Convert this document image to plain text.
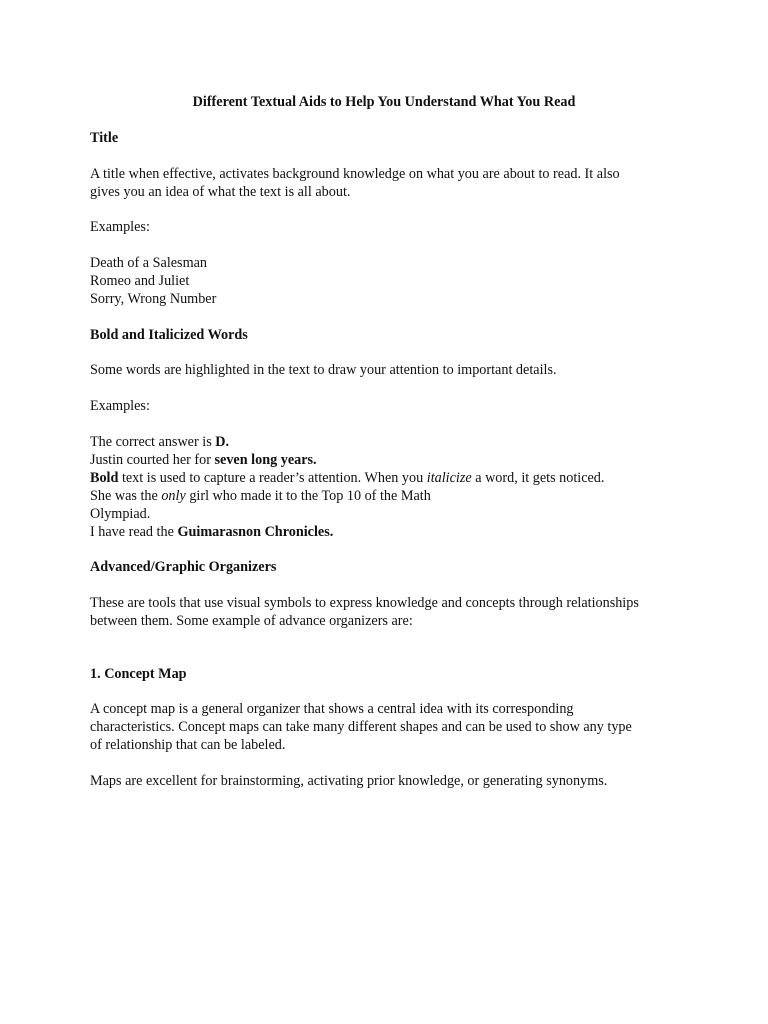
Different Textual Aids to Help You Understand What You Read

Title

A title when effective, activates background knowledge on what you are about to read. It also

gives you an idea of what the text is all about.

Examples:

Death of a Salesman

Romeo and Juliet

Sorry, Wrong Number

Bold and Italicized Words

Some words are highlighted in the text to draw your attention to important details.

Examples:

The correct answer is D.

Justin courted her for seven long years.

Bold text is used to capture a reader’s attention. When you italicize a word, it gets noticed.

She was the only girl who made it to the Top 10 of the Math

Olympiad.

I have read the Guimarasnon Chronicles.

Advanced/Graphic Organizers

These are tools that use visual symbols to express knowledge and concepts through relationships

between them. Some example of advance organizers are:

1. Concept Map

A concept map is a general organizer that shows a central idea with its corresponding

characteristics. Concept maps can take many different shapes and can be used to show any type

of relationship that can be labeled.

Maps are excellent for brainstorming, activating prior knowledge, or generating synonyms.
